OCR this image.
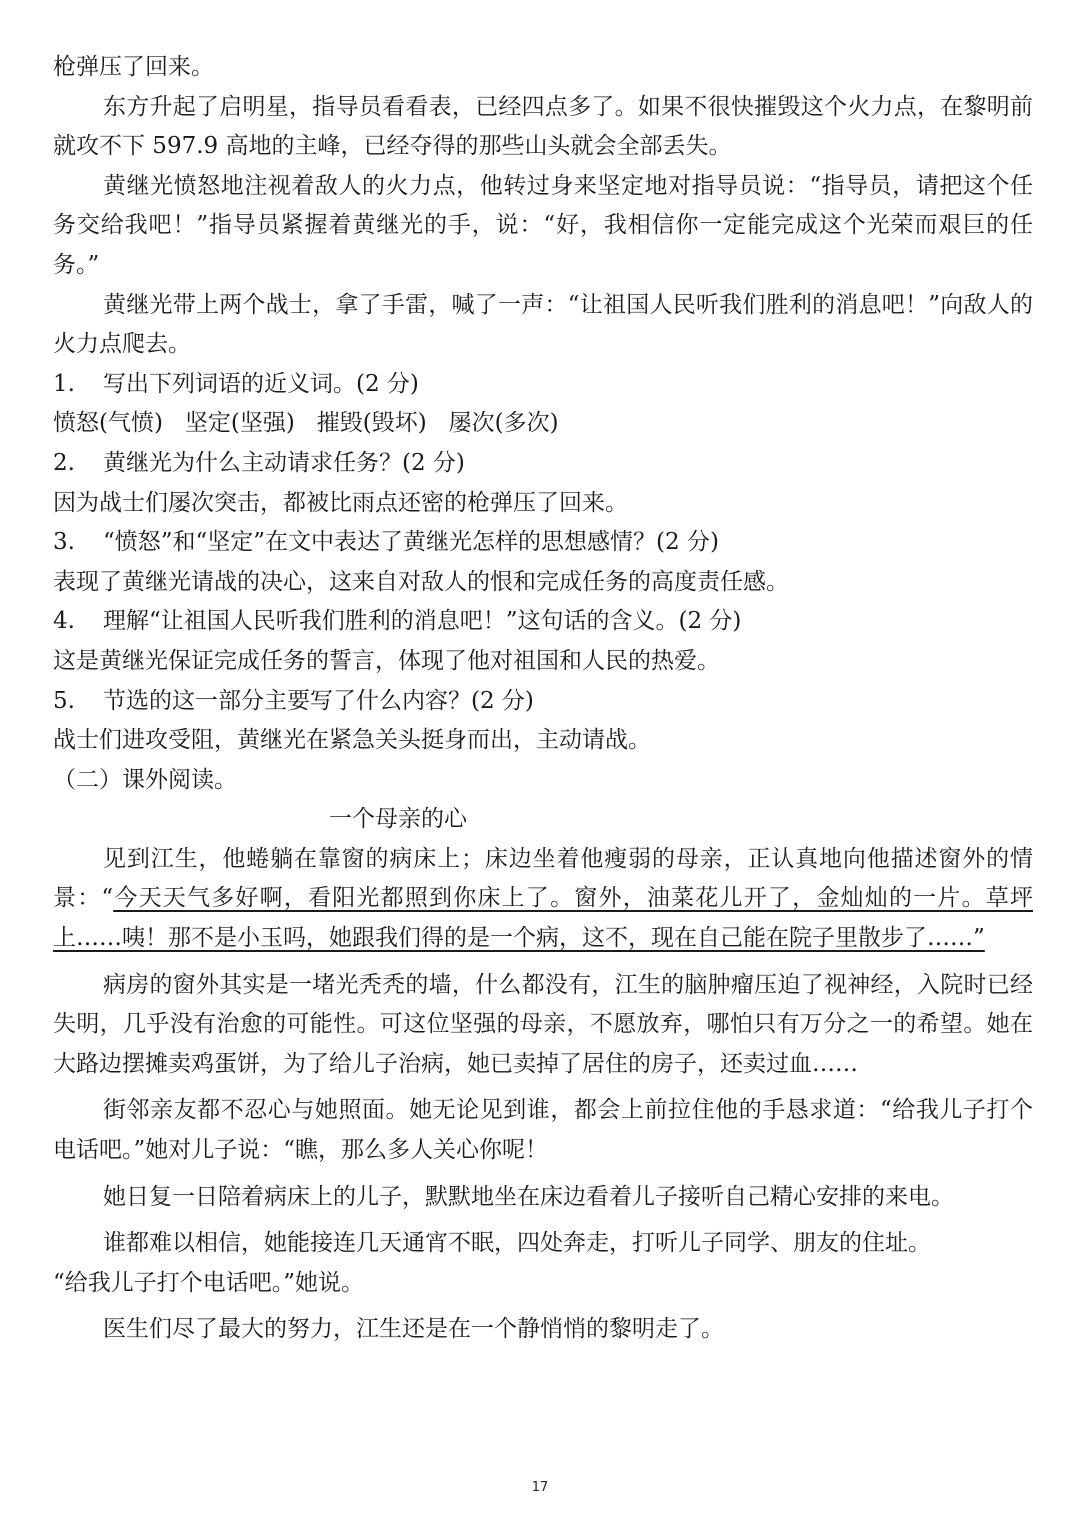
枪弹压了回来。
东方升起了启明星，指导员看看表，已经四点多了。如果不很快摧毁这个火力点，在黎明前就攻不下 597.9 高地的主峰，已经夺得的那些山头就会全部丢失。
黄继光愤怒地注视着敌人的火力点，他转过身来坚定地对指导员说：“指导员，请把这个任务交给我吧！”指导员紧握着黄继光的手，说：“好，我相信你一定能完成这个光荣而艰巨的任务。”
黄继光带上两个战士，拿了手雷，喊了一声：“让祖国人民听我们胜利的消息吧！”向敌人的火力点爬去。
1. 写出下列词语的近义词。(2 分)
愤怒(气愤)   坚定(坚强)   摧毁(毁坏)   屡次(多次)
2. 黄继光为什么主动请求任务？(2 分)
因为战士们屡次突击，都被比雨点还密的枪弹压了回来。
3. “愤怒”和“坚定”在文中表达了黄继光怎样的思想感情？(2 分)
表现了黄继光请战的决心，这来自对敌人的恨和完成任务的高度责任感。
4. 理解“让祖国人民听我们胜利的消息吧！”这句话的含义。(2 分)
这是黄继光保证完成任务的誓言，体现了他对祖国和人民的热爱。
5. 节选的这一部分主要写了什么内容？(2 分)
战士们进攻受阻，黄继光在紧急关头挺身而出，主动请战。
（二）课外阅读。
一个母亲的心
见到江生，他蜷躺在靠窗的病床上；床边坐着他瘦弱的母亲，正认真地向他描述窗外的情景：“今天天气多好啊，看阳光都照到你床上了。窗外，油菜花儿开了，金灿灿的一片。草坪上……咦！那不是小玉吗，她跟我们得的是一个病，这不，现在自己能在院子里散步了……”
病房的窗外其实是一堵光秃秃的墙，什么都没有，江生的脑肿瘤压迫了视神经，入院时已经失明，几乎没有治愈的可能性。可这位坚强的母亲，不愿放弃，哪怕只有万分之一的希望。她在大路边摆摊卖鸡蛋饼，为了给儿子治病，她已卖掉了居住的房子，还卖过血……
街邻亲友都不忍心与她照面。她无论见到谁，都会上前拉住他的手恳求道：“给我儿子打个电话吧。”她对儿子说：“瞧，那么多人关心你呢！
她日复一日陪着病床上的儿子，默默地坐在床边看着儿子接听自己精心安排的来电。
谁都难以相信，她能接连几天通宵不眠，四处奔走，打听儿子同学、朋友的住址。
“给我儿子打个电话吧。”她说。
医生们尽了最大的努力，江生还是在一个静悄悄的黎明走了。
17
